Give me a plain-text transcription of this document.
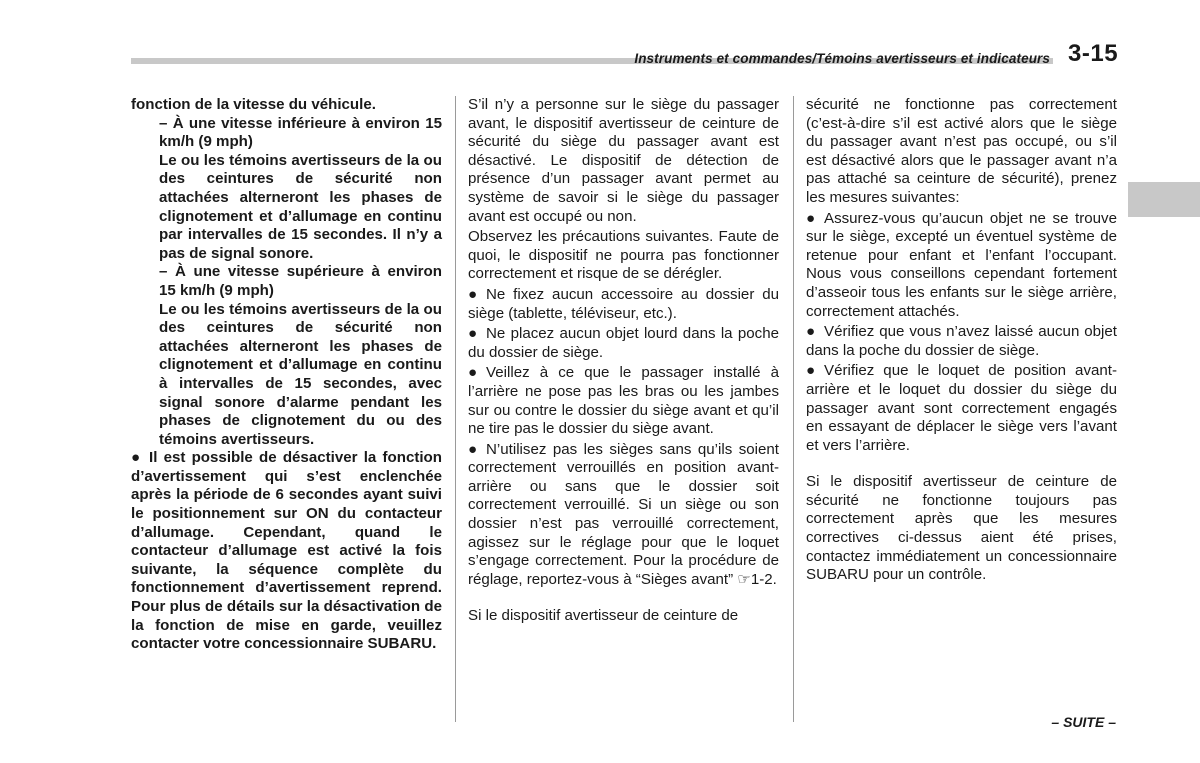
Instruments et commandes/Témoins avertisseurs et indicateurs 3-15

fonction de la vitesse du véhicule.

– À une vitesse inférieure à environ 15 km/h (9 mph)

Le ou les témoins avertisseurs de la ou des ceintures de sécurité non attachées alterneront les phases de clignotement et d’allumage en continu par intervalles de 15 secondes. Il n’y a pas de signal sonore.

– À une vitesse supérieure à environ 15 km/h (9 mph)

Le ou les témoins avertisseurs de la ou des ceintures de sécurité non attachées alterneront les phases de clignotement et d’allumage en continu à intervalles de 15 secondes, avec signal sonore d’alarme pendant les phases de clignotement du ou des témoins avertisseurs.

● Il est possible de désactiver la fonction d’avertissement qui s’est enclenchée après la période de 6 secondes ayant suivi le positionnement sur ON du contacteur d’allumage. Cependant, quand le contacteur d’allumage est activé la fois suivante, la séquence complète du fonctionnement d’avertissement reprend. Pour plus de détails sur la désactivation de la fonction de mise en garde, veuillez contacter votre concessionnaire SUBARU.

S’il n’y a personne sur le siège du passager avant, le dispositif avertisseur de ceinture de sécurité du siège du passager avant est désactivé. Le dispositif de détection de présence d’un passager avant permet au système de savoir si le siège du passager avant est occupé ou non.

Observez les précautions suivantes. Faute de quoi, le dispositif ne pourra pas fonctionner correctement et risque de se dérégler.

● Ne fixez aucun accessoire au dossier du siège (tablette, téléviseur, etc.).

● Ne placez aucun objet lourd dans la poche du dossier de siège.

● Veillez à ce que le passager installé à l’arrière ne pose pas les bras ou les jambes sur ou contre le dossier du siège avant et qu’il ne tire pas le dossier du siège avant.

● N’utilisez pas les sièges sans qu’ils soient correctement verrouillés en position avant-arrière ou sans que le dossier soit correctement verrouillé. Si un siège ou son dossier n’est pas verrouillé correctement, agissez sur le réglage pour que le loquet s’engage correctement. Pour la procédure de réglage, reportez-vous à “Sièges avant” ☞1-2.

Si le dispositif avertisseur de ceinture de

sécurité ne fonctionne pas correctement (c’est-à-dire s’il est activé alors que le siège du passager avant n’est pas occupé, ou s’il est désactivé alors que le passager avant n’a pas attaché sa ceinture de sécurité), prenez les mesures suivantes:

● Assurez-vous qu’aucun objet ne se trouve sur le siège, excepté un éventuel système de retenue pour enfant et l’enfant l’occupant. Nous vous conseillons cependant fortement d’asseoir tous les enfants sur le siège arrière, correctement attachés.

● Vérifiez que vous n’avez laissé aucun objet dans la poche du dossier de siège.

● Vérifiez que le loquet de position avant-arrière et le loquet du dossier du siège du passager avant sont correctement engagés en essayant de déplacer le siège vers l’avant et vers l’arrière.

Si le dispositif avertisseur de ceinture de sécurité ne fonctionne toujours pas correctement après que les mesures correctives ci-dessus aient été prises, contactez immédiatement un concessionnaire SUBARU pour un contrôle.

– SUITE –
